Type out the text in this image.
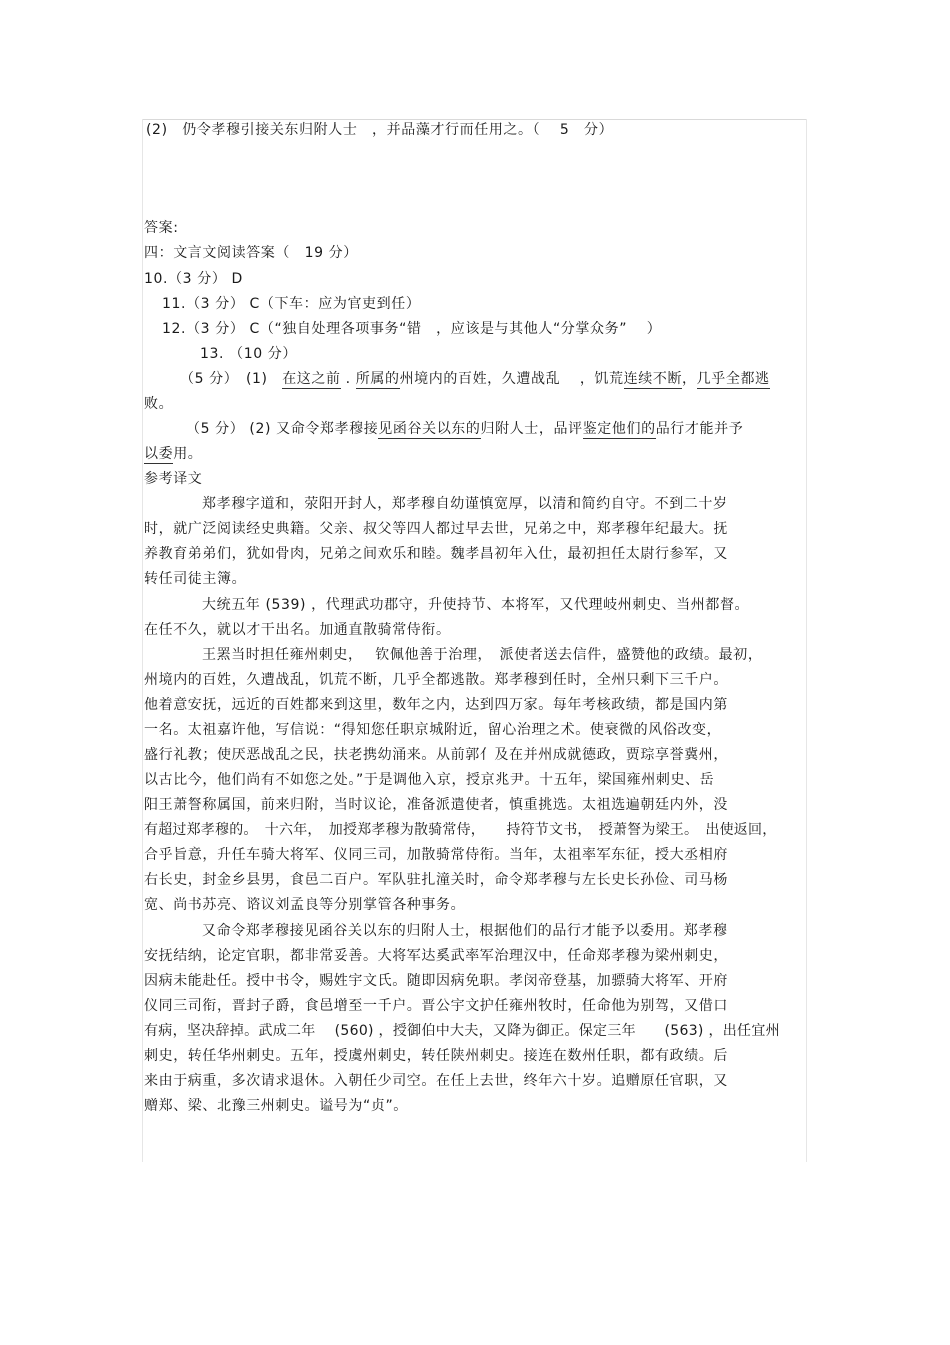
(2)　仍令孝穆引接关东归附人士　，并品藻才行而任用之。（　 5　分）
答案:
四：文言文阅读答案（　19 分）
10.（3 分） D
11.（3 分） C（下车：应为官吏到任）
12.（3 分） C（“独自处理各项事务“错　，应该是与其他人“分掌众务”　 ）
13. （10 分）
（5 分）　(1)　在这之前 . 所属的州境内的百姓，久遭战乱　 ，饥荒连续不断，几乎全都逃
败。
（5 分） (2) 又命令郑孝穆接见函谷关以东的归附人士，品评鉴定他们的品行才能并予
以委用。
参考译文
郑孝穆字道和，荥阳开封人，郑孝穆自幼谨慎宽厚，以清和简约自守。不到二十岁
时，就广泛阅读经史典籍。父亲、叔父等四人都过早去世，兄弟之中，郑孝穆年纪最大。抚
养教育弟弟们，犹如骨肉，兄弟之间欢乐和睦。魏孝昌初年入仕，最初担任太尉行参军，又
转任司徒主簿。
大统五年 (539) ，代理武功郡守，升使持节、本将军，又代理岐州刺史、当州都督。
在任不久，就以才干出名。加通直散骑常侍衔。
王罴当时担任雍州刺史，　 钦佩他善于治理，　派使者送去信件，盛赞他的政绩。最初，
州境内的百姓，久遭战乱，饥荒不断，几乎全都逃散。郑孝穆到任时，全州只剩下三千户。
他着意安抚，远近的百姓都来到这里，数年之内，达到四万家。每年考核政绩，都是国内第
一名。太祖嘉许他，写信说：“得知您任职京城附近，留心治理之术。使衰微的风俗改变，
盛行礼教；使厌恶战乱之民，扶老携幼涌来。从前郭亻及在并州成就德政，贾琮享誉冀州，
以古比今，他们尚有不如您之处。”于是调他入京，授京兆尹。十五年，梁国雍州刺史、岳
阳王萧詧称属国，前来归附，当时议论，准备派遣使者，慎重挑选。太祖选遍朝廷内外，没
有超过郑孝穆的。　十六年，　加授郑孝穆为散骑常侍，　　持符节文书，　授萧詧为梁王。　出使返回，
合乎旨意，升任车骑大将军、仪同三司，加散骑常侍衔。当年，太祖率军东征，授大丞相府
右长史，封金乡县男，食邑二百户。军队驻扎潼关时，命令郑孝穆与左长史长孙俭、司马杨
宽、尚书苏亮、谘议刘孟良等分别掌管各种事务。
又命令郑孝穆接见函谷关以东的归附人士，根据他们的品行才能予以委用。郑孝穆
安抚结纳，论定官职，都非常妥善。大将军达奚武率军治理汉中，任命郑孝穆为梁州刺史，
因病未能赴任。授中书令，赐姓宇文氏。随即因病免职。孝闵帝登基，加骠骑大将军、开府
仪同三司衔，晋封子爵，食邑增至一千户。晋公宇文护任雍州牧时，任命他为别驾，又借口
有病，坚决辞掉。武成二年　 (560) ，授御伯中大夫，又降为御正。保定三年　　(563) ，出任宜州
刺史，转任华州刺史。五年，授虞州刺史，转任陕州刺史。接连在数州任职，都有政绩。后
来由于病重，多次请求退休。入朝任少司空。在任上去世，终年六十岁。追赠原任官职，又
赠郑、梁、北豫三州刺史。谥号为“贞”。
